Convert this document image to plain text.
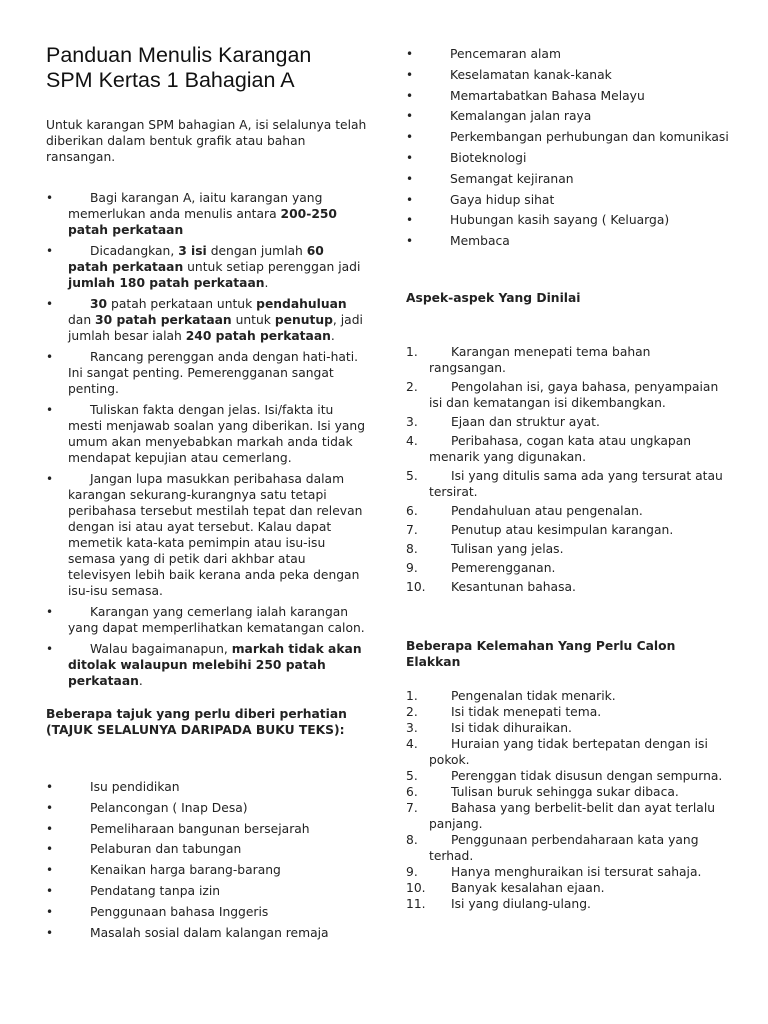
Panduan Menulis Karangan
SPM Kertas 1 Bahagian A

Untuk karangan SPM bahagian A, isi selalunya telah diberikan dalam bentuk grafik atau bahan ransangan.

• Bagi karangan A, iaitu karangan yang memerlukan anda menulis antara 200-250 patah perkataan
• Dicadangkan, 3 isi dengan jumlah 60 patah perkataan untuk setiap perenggan jadi jumlah 180 patah perkataan.
• 30 patah perkataan untuk pendahuluan dan 30 patah perkataan untuk penutup, jadi jumlah besar ialah 240 patah perkataan.
• Rancang perenggan anda dengan hati-hati. Ini sangat penting. Pemerengganan sangat penting.
• Tuliskan fakta dengan jelas. Isi/fakta itu mesti menjawab soalan yang diberikan. Isi yang umum akan menyebabkan markah anda tidak mendapat kepujian atau cemerlang.
• Jangan lupa masukkan peribahasa dalam karangan sekurang-kurangnya satu tetapi peribahasa tersebut mestilah tepat dan relevan dengan isi atau ayat tersebut. Kalau dapat memetik kata-kata pemimpin atau isu-isu semasa yang di petik dari akhbar atau televisyen lebih baik kerana anda peka dengan isu-isu semasa.
• Karangan yang cemerlang ialah karangan yang dapat memperlihatkan kematangan calon.
• Walau bagaimanapun, markah tidak akan ditolak walaupun melebihi 250 patah perkataan.
Beberapa tajuk yang perlu diberi perhatian
(TAJUK SELALUNYA DARIPADA BUKU TEKS):
• Isu pendidikan
• Pelancongan ( Inap Desa)
• Pemeliharaan bangunan bersejarah
• Pelaburan dan tabungan
• Kenaikan harga barang-barang
• Pendatang tanpa izin
• Penggunaan bahasa Inggeris
• Masalah sosial dalam kalangan remaja
• Pencemaran alam
• Keselamatan kanak-kanak
• Memartabatkan Bahasa Melayu
• Kemalangan jalan raya
• Perkembangan perhubungan dan komunikasi
• Bioteknologi
• Semangat kejiranan
• Gaya hidup sihat
• Hubungan kasih sayang ( Keluarga)
• Membaca
Aspek-aspek Yang Dinilai
1.	Karangan menepati tema bahan rangsangan.
2.	Pengolahan isi, gaya bahasa, penyampaian isi dan kematangan isi dikembangkan.
3.	Ejaan dan struktur ayat.
4.	Peribahasa, cogan kata atau ungkapan menarik yang digunakan.
5.	Isi yang ditulis sama ada yang tersurat atau tersirat.
6.	Pendahuluan atau pengenalan.
7.	Penutup atau kesimpulan karangan.
8.	Tulisan yang jelas.
9.	Pemerengganan.
10. Kesantunan bahasa.
Beberapa Kelemahan Yang Perlu Calon Elakkan
1.	Pengenalan tidak menarik.
2.	Isi tidak menepati tema.
3.	Isi tidak dihuraikan.
4.	Huraian yang tidak bertepatan dengan isi pokok.
5.	Perenggan tidak disusun dengan sempurna.
6.	Tulisan buruk sehingga sukar dibaca.
7.	Bahasa yang berbelit-belit dan ayat terlalu panjang.
8.	Penggunaan perbendaharaan kata yang terhad.
9.	Hanya menghuraikan isi tersurat sahaja.
10. Banyak kesalahan ejaan.
11. Isi yang diulang-ulang.
